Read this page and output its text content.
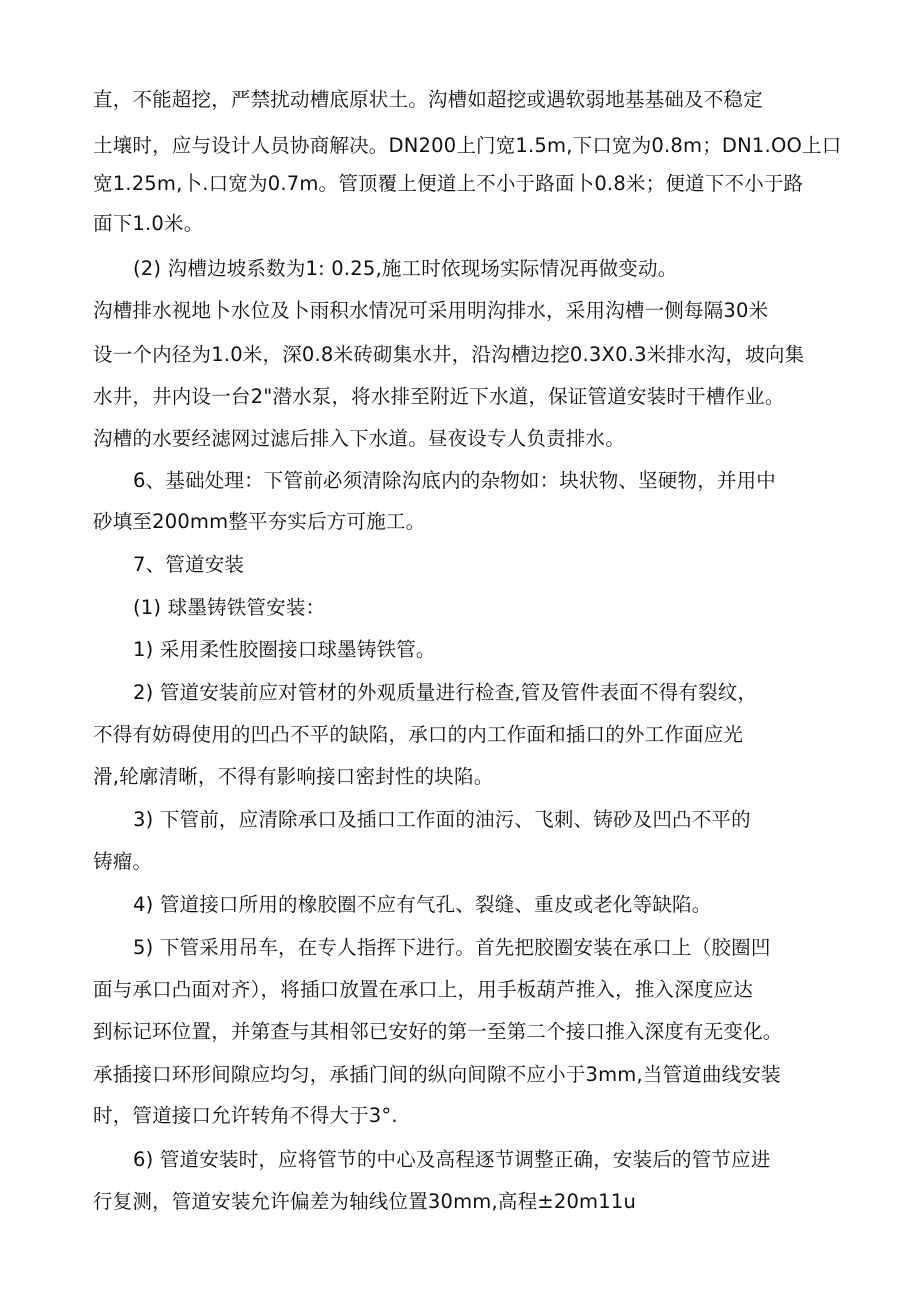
直，不能超挖，严禁扰动槽底原状土。沟槽如超挖或遇软弱地基基础及不稳定
土壤时，应与设计人员协商解决。DN200上门宽1.5m,下口宽为0.8m；DN1.OO上口
宽1.25m,卜.口宽为0.7m。管顶覆上便道上不小于路面卜0.8米；便道下不小于路
面下1.0米。
(2) 沟槽边坡系数为1: 0.25,施工时依现场实际情况再做变动。
沟槽排水视地卜水位及卜雨积水情况可采用明沟排水，采用沟槽一侧每隔30米
设一个内径为1.0米，深0.8米砖砌集水井，沿沟槽边挖0.3X0.3米排水沟，坡向集
水井，井内设一台2"潜水泵，将水排至附近下水道，保证管道安装时干槽作业。
沟槽的水要经滤网过滤后排入下水道。昼夜设专人负责排水。
6、基础处理：下管前必须清除沟底内的杂物如：块状物、坚硬物，并用中
砂填至200mm整平夯实后方可施工。
7、管道安装
(1) 球墨铸铁管安装：
1) 采用柔性胶圈接口球墨铸铁管。
2) 管道安装前应对管材的外观质量进行检查,管及管件表面不得有裂纹，
不得有妨碍使用的凹凸不平的缺陷，承口的内工作面和插口的外工作面应光
滑,轮廓清晰，不得有影响接口密封性的块陷。
3) 下管前，应清除承口及插口工作面的油污、飞刺、铸砂及凹凸不平的
铸瘤。
4) 管道接口所用的橡胶圈不应有气孔、裂缝、重皮或老化等缺陷。
5) 下管采用吊车，在专人指挥下进行。首先把胶圈安装在承口上（胶圈凹
面与承口凸面对齐），将插口放置在承口上，用手板葫芦推入，推入深度应达
到标记环位置，并第查与其相邻已安好的第一至第二个接口推入深度有无变化。
承插接口环形间隙应均匀，承插门间的纵向间隙不应小于3mm,当管道曲线安装
时，管道接口允许转角不得大于3°.
6) 管道安装时，应将管节的中心及高程逐节调整正确，安装后的管节应进
行复测，管道安装允许偏差为轴线位置30mm,高程±20m11u
